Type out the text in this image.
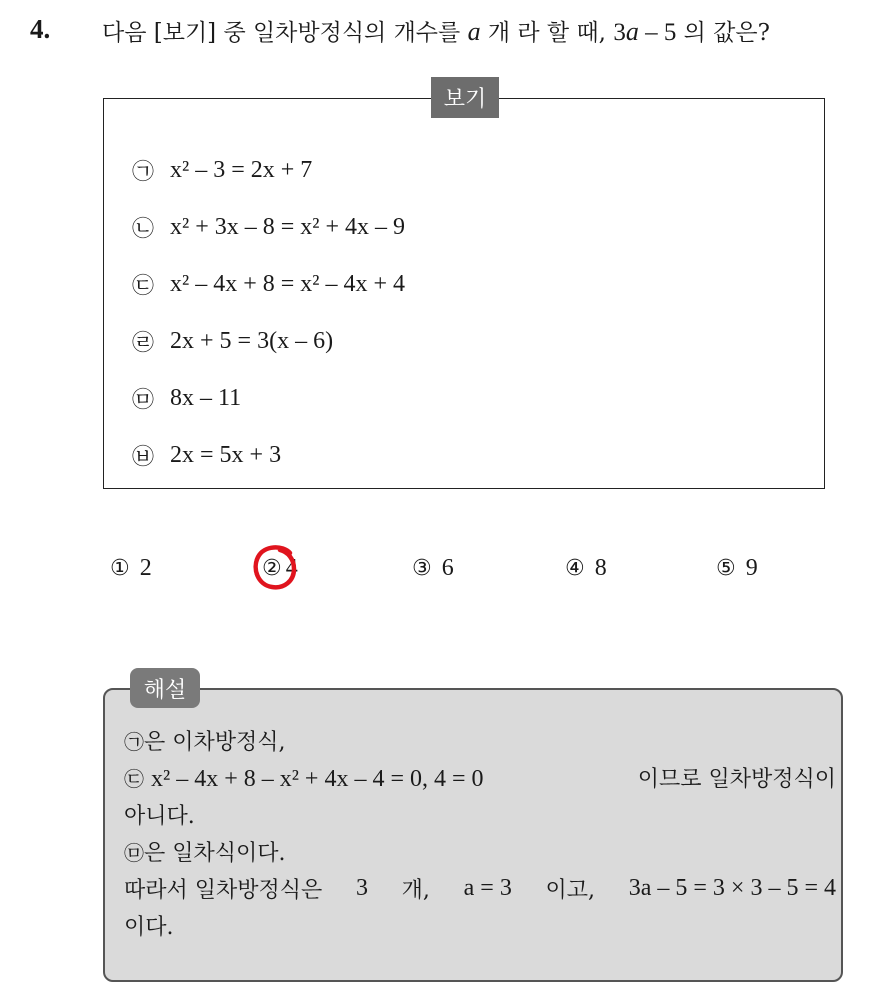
4. 다음 [보기] 중 일차방정식의 개수를 a 개 라 할 때, 3a – 5 의 값은?
보기
㉠ x² – 3 = 2x + 7
㉡ x² + 3x – 8 = x² + 4x – 9
㉢ x² – 4x + 8 = x² – 4x + 4
㉣ 2x + 5 = 3(x – 6)
㉤ 8x – 11
㉥ 2x = 5x + 3
① 2	② 4	③ 6	④ 8	⑤ 9
해설
㉠ 은 이차방정식,
㉢ x² – 4x + 8 – x² + 4x – 4 = 0, 4 = 0	이므로 일차방정식이
아니다.
㉤ 은 일차식이다.
따라서 일차방정식은 3 개, a = 3 이고, 3a – 5 = 3 × 3 – 5 = 4
이다.
